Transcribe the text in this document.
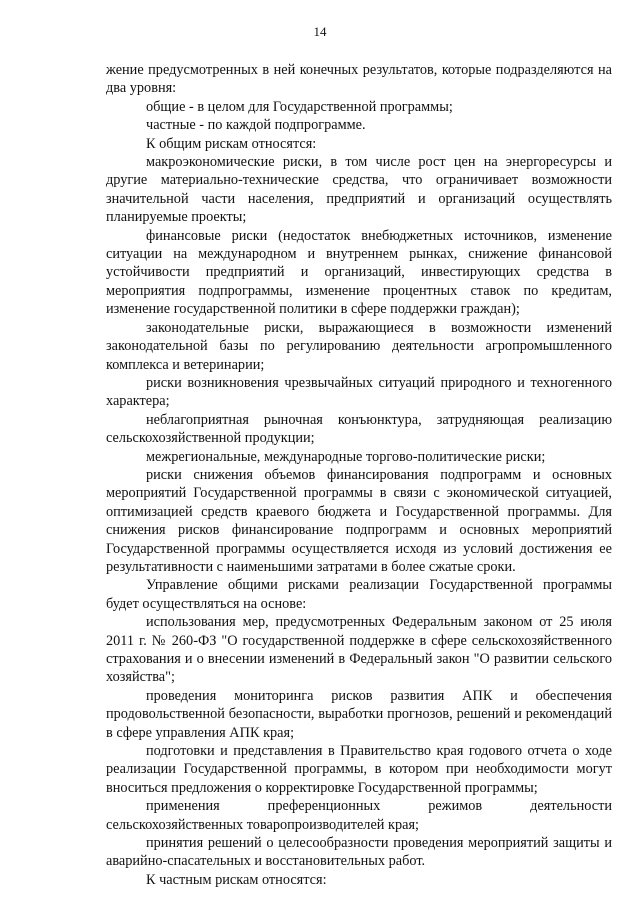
14

жение предусмотренных в ней конечных результатов, которые подразделяются на два уровня:

общие - в целом для Государственной программы;

частные - по каждой подпрограмме.

К общим рискам относятся:

макроэкономические риски, в том числе рост цен на энергоресурсы и другие материально-технические средства, что ограничивает возможности значительной части населения, предприятий и организаций осуществлять планируемые проекты;

финансовые риски (недостаток внебюджетных источников, изменение ситуации на международном и внутреннем рынках, снижение финансовой устойчивости предприятий и организаций, инвестирующих средства в мероприятия подпрограммы, изменение процентных ставок по кредитам, изменение государственной политики в сфере поддержки граждан);

законодательные риски, выражающиеся в возможности изменений законодательной базы по регулированию деятельности агропромышленного комплекса и ветеринарии;

риски возникновения чрезвычайных ситуаций природного и техногенного характера;

неблагоприятная рыночная конъюнктура, затрудняющая реализацию сельскохозяйственной продукции;

межрегиональные, международные торгово-политические риски;

риски снижения объемов финансирования подпрограмм и основных мероприятий Государственной программы в связи с экономической ситуацией, оптимизацией средств краевого бюджета и Государственной программы. Для снижения рисков финансирование подпрограмм и основных мероприятий Государственной программы осуществляется исходя из условий достижения ее результативности с наименьшими затратами в более сжатые сроки.

Управление общими рисками реализации Государственной программы будет осуществляться на основе:

использования мер, предусмотренных Федеральным законом от 25 июля 2011 г. № 260-ФЗ "О государственной поддержке в сфере сельскохозяйственного страхования и о внесении изменений в Федеральный закон "О развитии сельского хозяйства";

проведения мониторинга рисков развития АПК и обеспечения продовольственной безопасности, выработки прогнозов, решений и рекомендаций в сфере управления АПК края;

подготовки и представления в Правительство края годового отчета о ходе реализации Государственной программы, в котором при необходимости могут вноситься предложения о корректировке Государственной программы;

применения преференционных режимов деятельности сельскохозяйственных товаропроизводителей края;

принятия решений о целесообразности проведения мероприятий защиты и аварийно-спасательных и восстановительных работ.

К частным рискам относятся:
